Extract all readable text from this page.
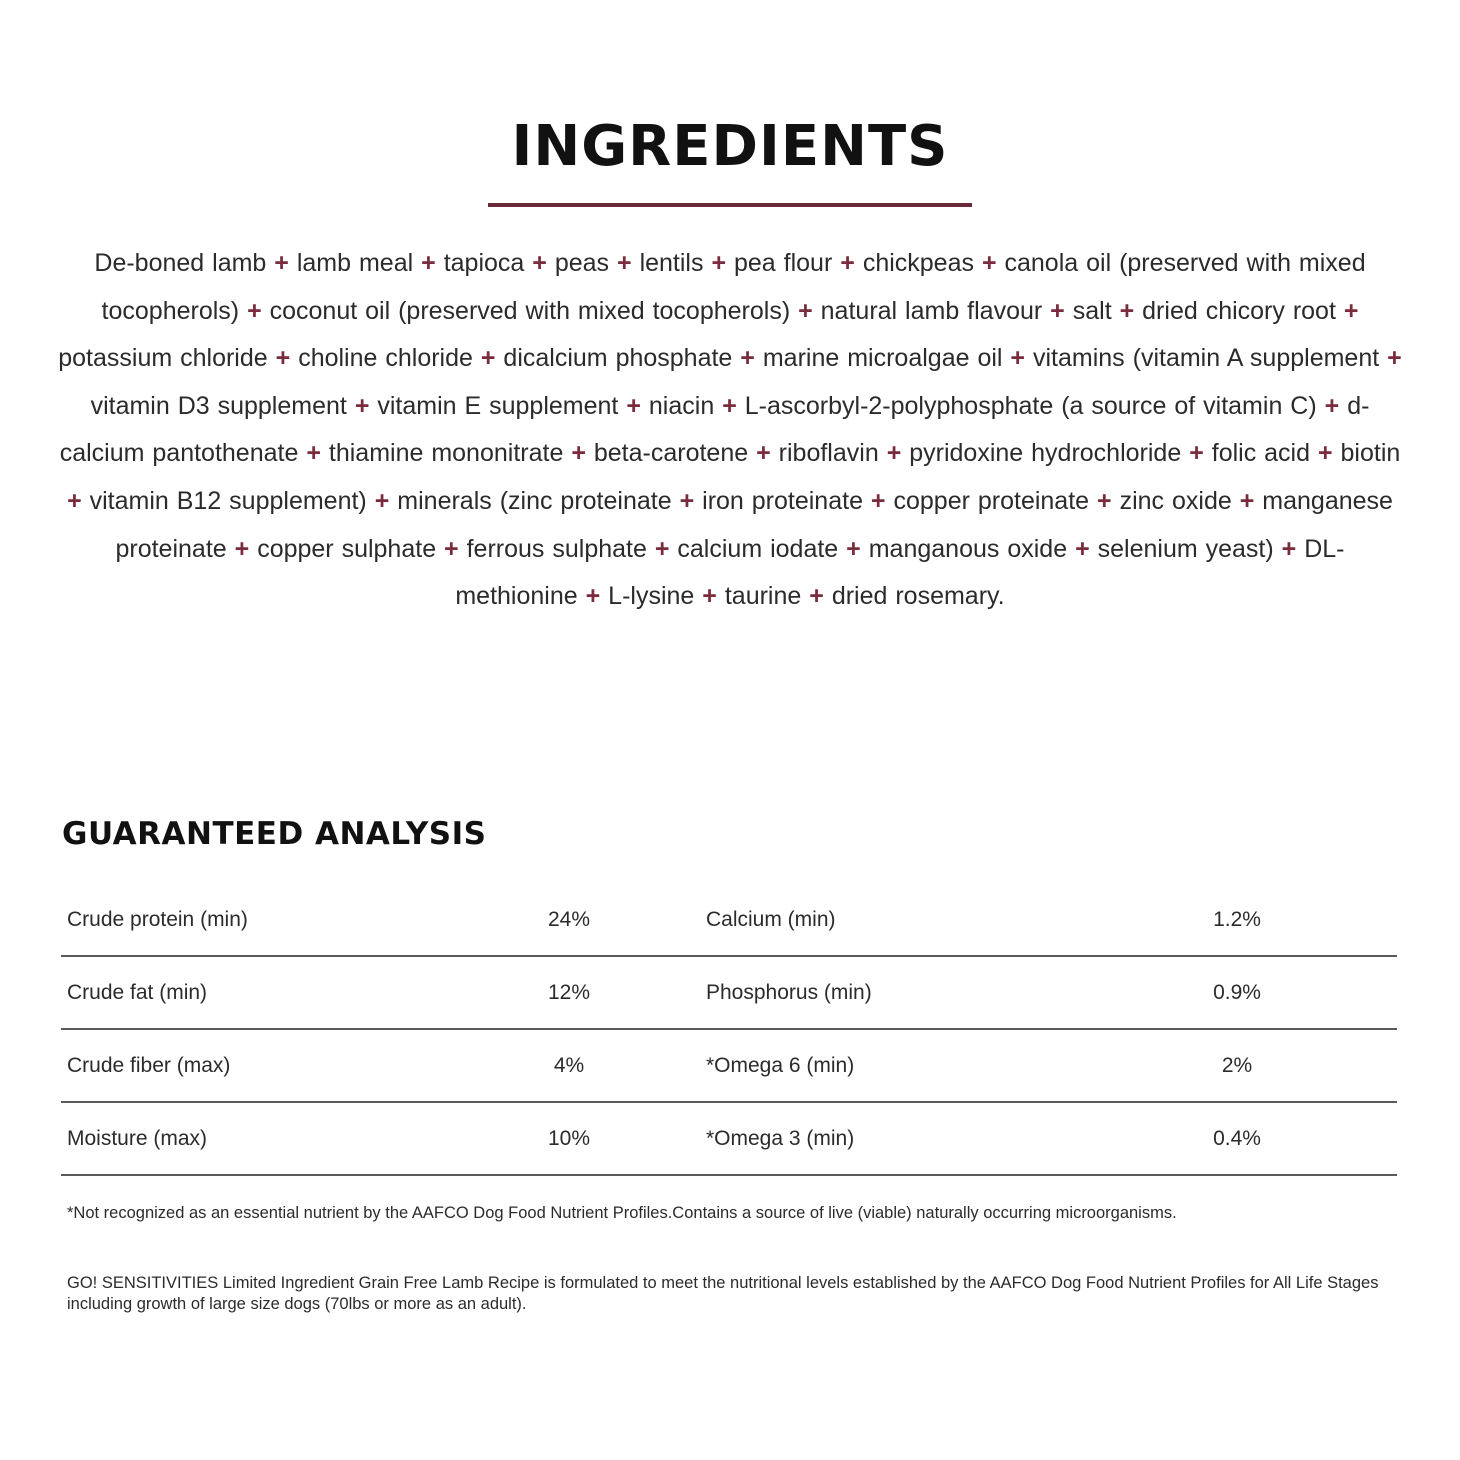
INGREDIENTS
De-boned lamb + lamb meal + tapioca + peas + lentils + pea flour + chickpeas + canola oil (preserved with mixed tocopherols) + coconut oil (preserved with mixed tocopherols) + natural lamb flavour + salt + dried chicory root + potassium chloride + choline chloride + dicalcium phosphate + marine microalgae oil + vitamins (vitamin A supplement + vitamin D3 supplement + vitamin E supplement + niacin + L-ascorbyl-2-polyphosphate (a source of vitamin C) + d-calcium pantothenate + thiamine mononitrate + beta-carotene + riboflavin + pyridoxine hydrochloride + folic acid + biotin + vitamin B12 supplement) + minerals (zinc proteinate + iron proteinate + copper proteinate + zinc oxide + manganese proteinate + copper sulphate + ferrous sulphate + calcium iodate + manganous oxide + selenium yeast) + DL-methionine + L-lysine + taurine + dried rosemary.
GUARANTEED ANALYSIS
Crude protein (min)	24%	Calcium (min)	1.2%
Crude fat (min)	12%	Phosphorus (min)	0.9%
Crude fiber (max)	4%	*Omega 6 (min)	2%
Moisture (max)	10%	*Omega 3 (min)	0.4%
*Not recognized as an essential nutrient by the AAFCO Dog Food Nutrient Profiles.Contains a source of live (viable) naturally occurring microorganisms.
GO! SENSITIVITIES Limited Ingredient Grain Free Lamb Recipe is formulated to meet the nutritional levels established by the AAFCO Dog Food Nutrient Profiles for All Life Stages including growth of large size dogs (70lbs or more as an adult).
